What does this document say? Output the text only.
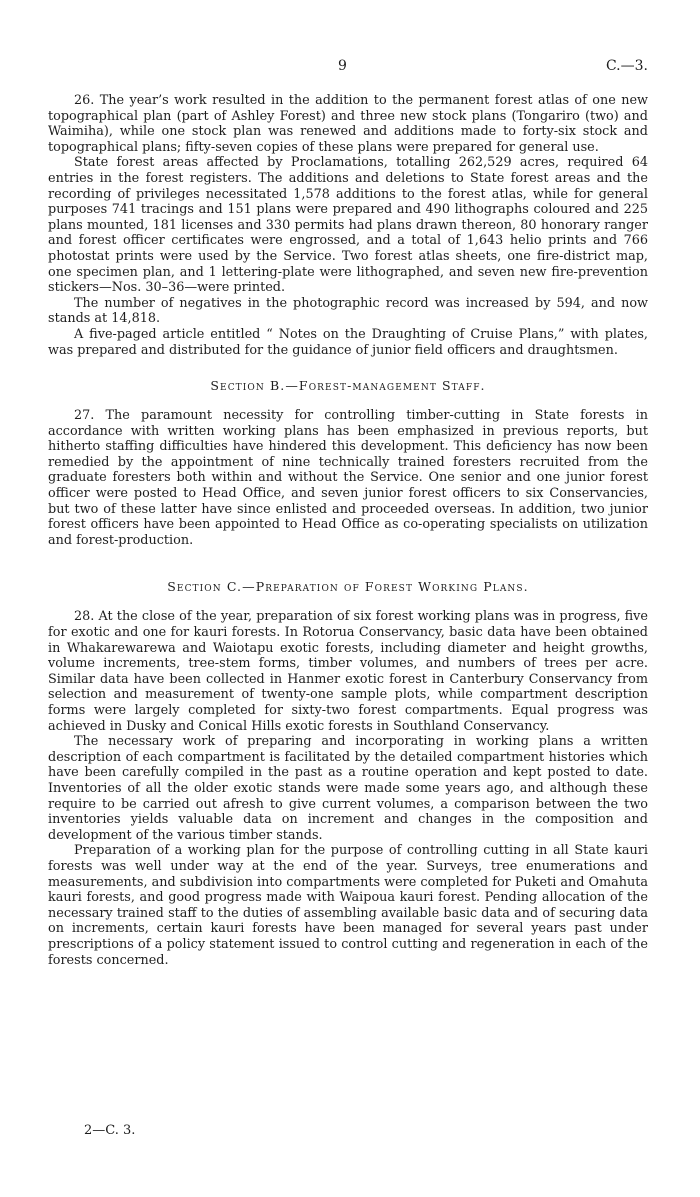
9	C.—3.

26. The year’s work resulted in the addition to the permanent forest atlas of one new topographical plan (part of Ashley Forest) and three new stock plans (Tongariro (two) and Waimiha), while one stock plan was renewed and additions made to forty-six stock and topographical plans; fifty-seven copies of these plans were prepared for general use.

State forest areas affected by Proclamations, totalling 262,529 acres, required 64 entries in the forest registers. The additions and deletions to State forest areas and the recording of privileges necessitated 1,578 additions to the forest atlas, while for general purposes 741 tracings and 151 plans were prepared and 490 lithographs coloured and 225 plans mounted, 181 licenses and 330 permits had plans drawn thereon, 80 honorary ranger and forest officer certificates were engrossed, and a total of 1,643 helio prints and 766 photostat prints were used by the Service. Two forest atlas sheets, one fire-district map, one specimen plan, and 1 lettering-plate were lithographed, and seven new fire-prevention stickers—Nos. 30–36—were printed.

The number of negatives in the photographic record was increased by 594, and now stands at 14,818.

A five-paged article entitled “ Notes on the Draughting of Cruise Plans,” with plates, was prepared and distributed for the guidance of junior field officers and draughtsmen.

Section B.—Forest-management Staff.

27. The paramount necessity for controlling timber-cutting in State forests in accordance with written working plans has been emphasized in previous reports, but hitherto staffing difficulties have hindered this development. This deficiency has now been remedied by the appointment of nine technically trained foresters recruited from the graduate foresters both within and without the Service. One senior and one junior forest officer were posted to Head Office, and seven junior forest officers to six Conservancies, but two of these latter have since enlisted and proceeded overseas. In addition, two junior forest officers have been appointed to Head Office as co-operating specialists on utilization and forest-production.

Section C.—Preparation of Forest Working Plans.

28. At the close of the year, preparation of six forest working plans was in progress, five for exotic and one for kauri forests. In Rotorua Conservancy, basic data have been obtained in Whakarewarewa and Waiotapu exotic forests, including diameter and height growths, volume increments, tree-stem forms, timber volumes, and numbers of trees per acre. Similar data have been collected in Hanmer exotic forest in Canterbury Conservancy from selection and measurement of twenty-one sample plots, while compartment description forms were largely completed for sixty-two forest compartments. Equal progress was achieved in Dusky and Conical Hills exotic forests in Southland Conservancy.

The necessary work of preparing and incorporating in working plans a written description of each compartment is facilitated by the detailed compartment histories which have been carefully compiled in the past as a routine operation and kept posted to date. Inventories of all the older exotic stands were made some years ago, and although these require to be carried out afresh to give current volumes, a comparison between the two inventories yields valuable data on increment and changes in the composition and development of the various timber stands.

Preparation of a working plan for the purpose of controlling cutting in all State kauri forests was well under way at the end of the year. Surveys, tree enumerations and measurements, and subdivision into compartments were completed for Puketi and Omahuta kauri forests, and good progress made with Waipoua kauri forest. Pending allocation of the necessary trained staff to the duties of assembling available basic data and of securing data on increments, certain kauri forests have been managed for several years past under prescriptions of a policy statement issued to control cutting and regeneration in each of the forests concerned.

2—C. 3.
